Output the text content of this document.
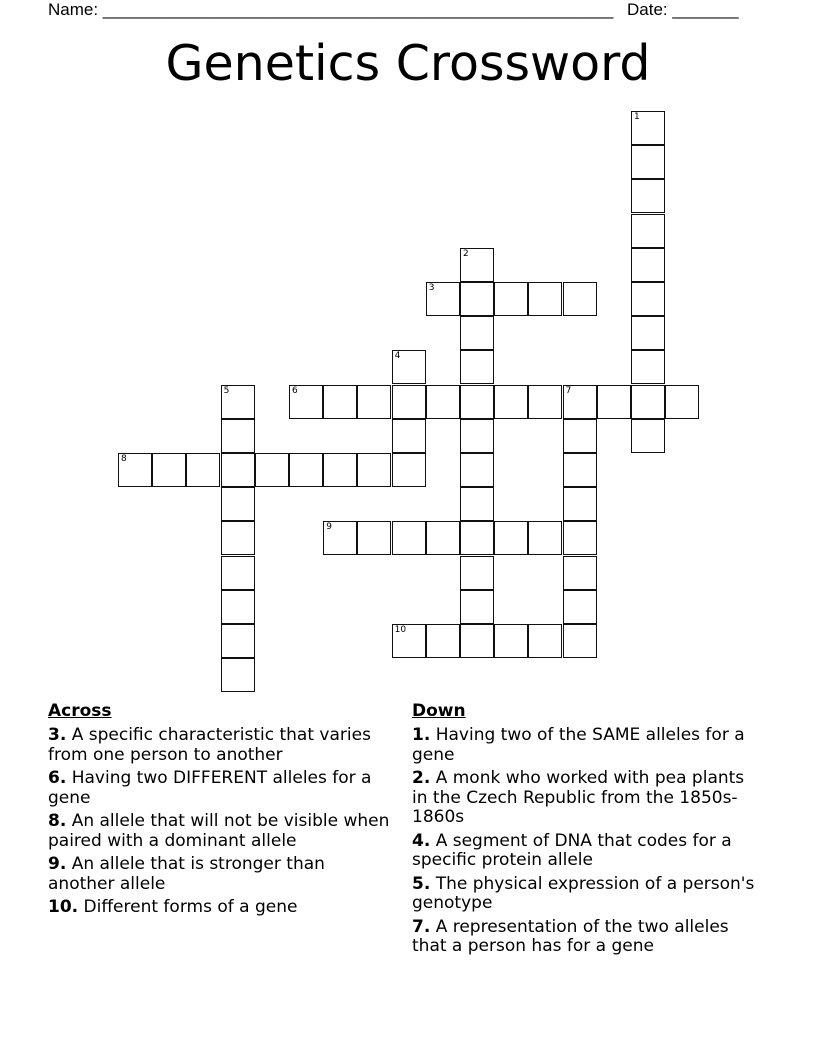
Name: ______________________________________________________ Date: _______
Genetics Crossword
1
2
3
4
5	6	7
8
9
10
Across
3. A specific characteristic that varies from one person to another
6. Having two DIFFERENT alleles for a gene
8. An allele that will not be visible when paired with a dominant allele
9. An allele that is stronger than another allele
10. Different forms of a gene
Down
1. Having two of the SAME alleles for a gene
2. A monk who worked with pea plants in the Czech Republic from the 1850s-1860s
4. A segment of DNA that codes for a specific protein allele
5. The physical expression of a person's genotype
7. A representation of the two alleles that a person has for a gene
